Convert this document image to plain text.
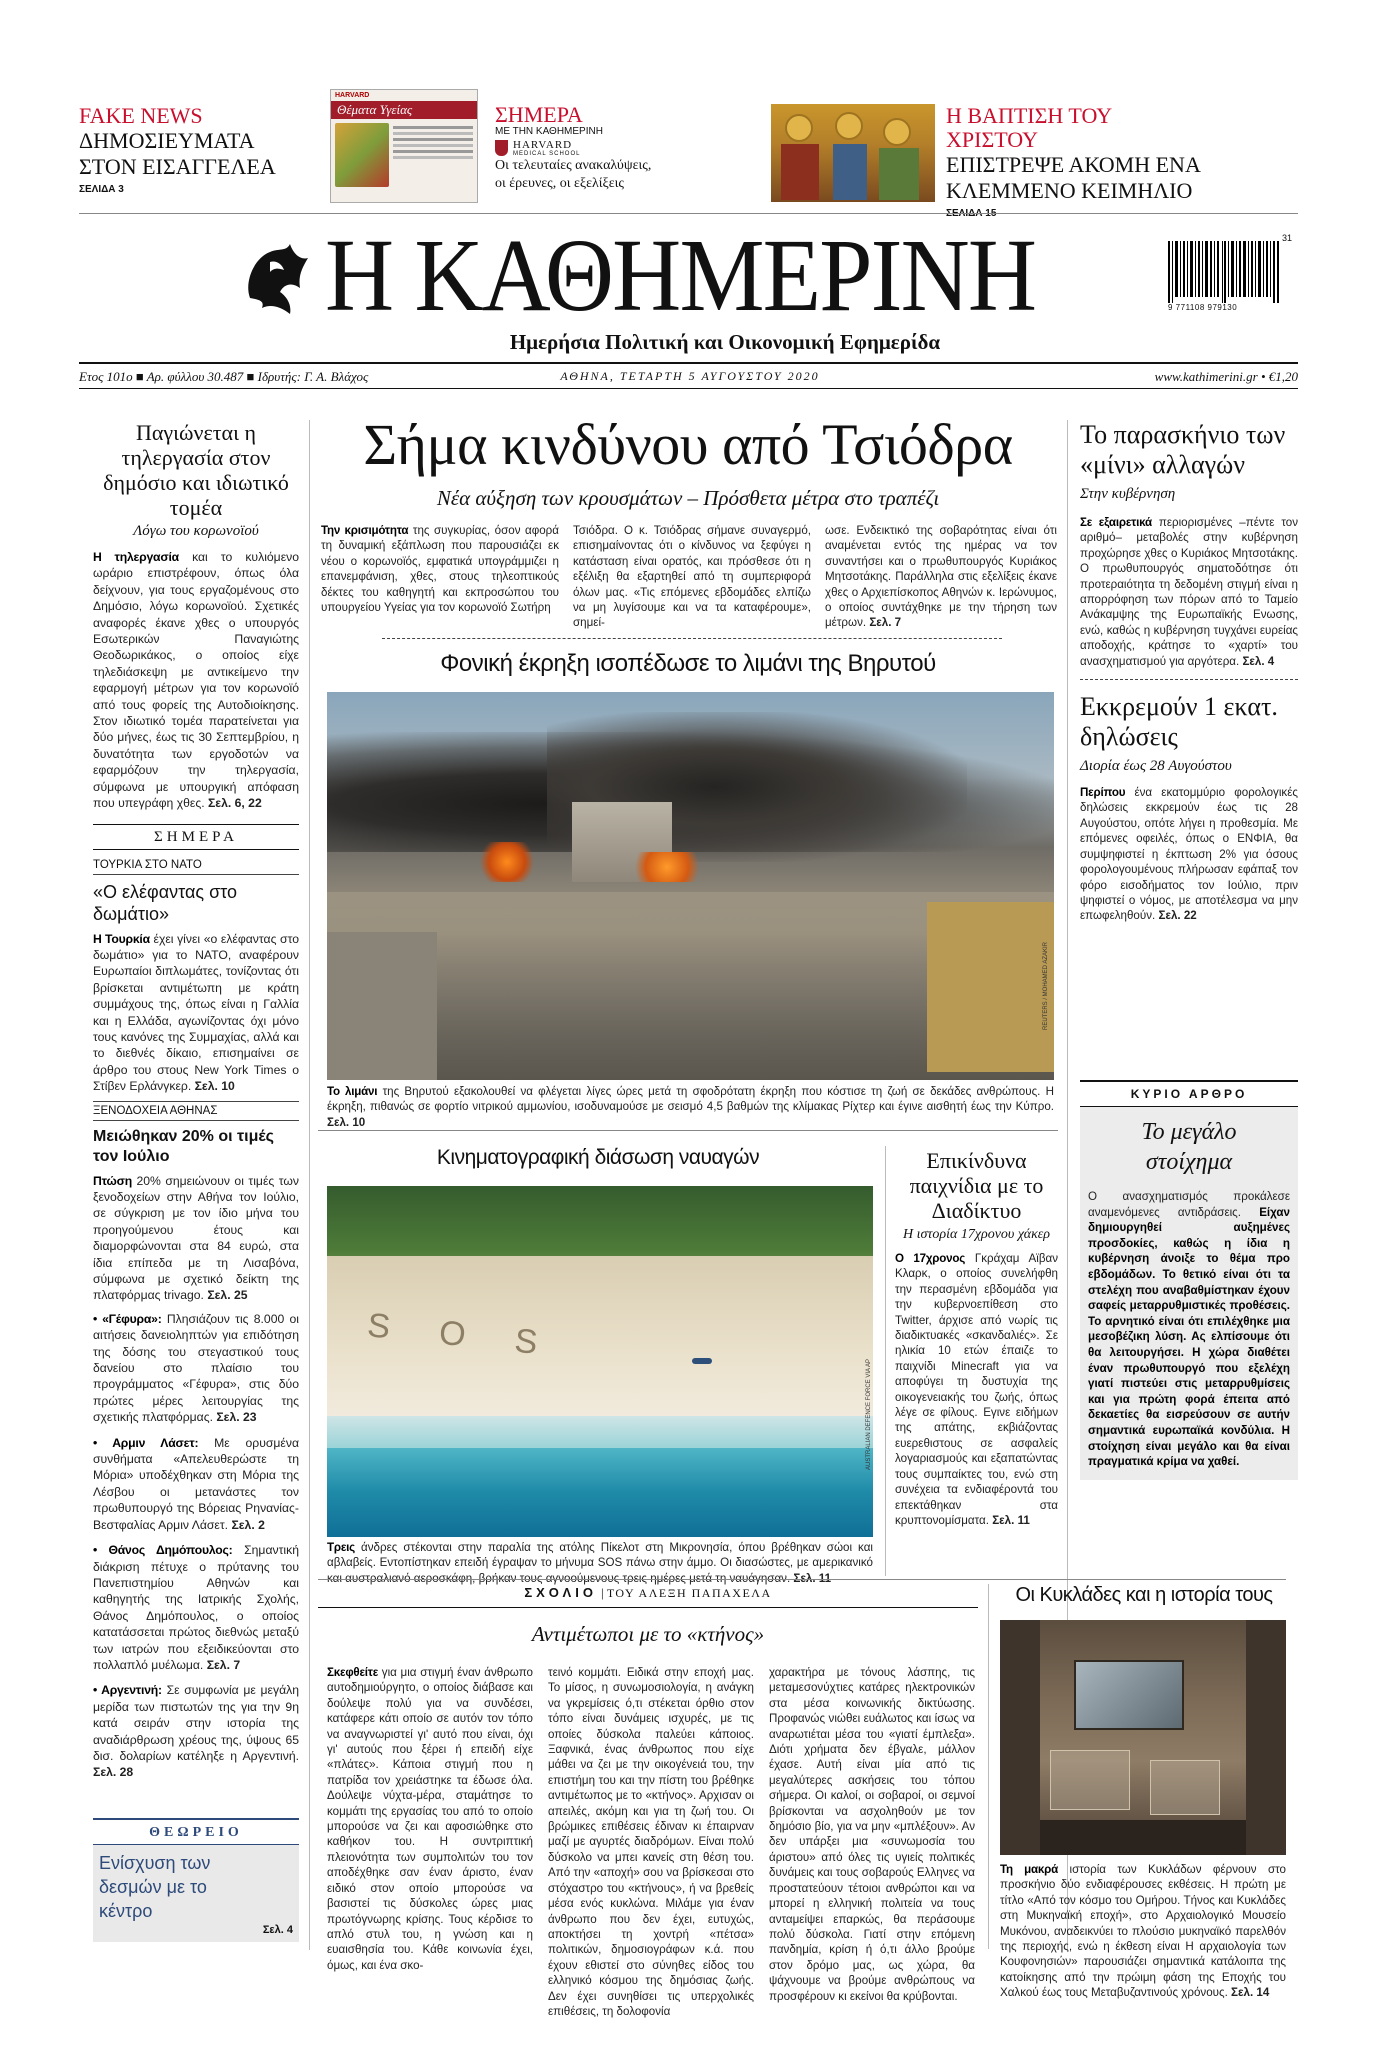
FAKE NEWS
ΔΗΜΟΣΙΕΥΜΑΤΑ
ΣΤΟΝ ΕΙΣΑΓΓΕΛΕΑ
ΣΕΛΙΔΑ 3
HARVARD
Θέματα Υγείας	ΣΗΜΕΡΑ
ΜΕ ΤΗΝ ΚΑΘΗΜΕΡΙΝΗ
HARVARD
MEDICAL SCHOOL
Οι τελευταίες ανακαλύψεις,
οι έρευνες, οι εξελίξεις
Η ΒΑΠΤΙΣΗ ΤΟΥ ΧΡΙΣΤΟΥ
ΕΠΙΣΤΡΕΨΕ ΑΚΟΜΗ ΕΝΑ
ΚΛΕΜΜΕΝΟ ΚΕΙΜΗΛΙΟ
Η ΚΑΘΗΜΕΡΙΝΗ
Ημερήσια Πολιτική και Οικονομική Εφημερίδα
31
9 771108 979130
Ετος 101ο ■ Αρ. φύλλου 30.487 ■ Ιδρυτής: Γ. Α. Βλάχος	ΑΘΗΝΑ, ΤΕΤΑΡΤΗ 5 ΑΥΓΟΥΣΤΟΥ 2020	www.kathimerini.gr • €1,20
Παγιώνεται η τηλεργασία στον δημόσιο και ιδιωτικό τομέα
Λόγω του κορωνοϊού
Η τηλεργασία και το κυλιόμενο ωράριο επιστρέφουν, όπως όλα δείχνουν, για τους εργαζομένους στο Δημόσιο, λόγω κορωνοϊού. Σχετικές αναφορές έκανε χθες ο υπουργός Εσωτερικών Παναγιώτης Θεοδωρικάκος, ο οποίος είχε τηλεδιάσκεψη με αντικείμενο την εφαρμογή μέτρων για τον κορωνοϊό από τους φορείς της Αυτοδιοίκησης. Στον ιδιωτικό τομέα παρατείνεται για δύο μήνες, έως τις 30 Σεπτεμβρίου, η δυνατότητα των εργοδοτών να εφαρμόζουν την τηλεργασία, σύμφωνα με υπουργική απόφαση που υπεγράφη χθες. Σελ. 6, 22
ΣΗΜΕΡΑ
ΤΟΥΡΚΙΑ ΣΤΟ ΝΑΤΟ
«Ο ελέφαντας στο δωμάτιο»
Η Τουρκία έχει γίνει «ο ελέφαντας στο δωμάτιο» για το ΝΑΤΟ, αναφέρουν Ευρωπαίοι διπλωμάτες, τονίζοντας ότι βρίσκεται αντιμέτωπη με κράτη συμμάχους της, όπως είναι η Γαλλία και η Ελλάδα, αγωνίζοντας όχι μόνο τους κανόνες της Συμμαχίας, αλλά και το διεθνές δίκαιο, επισημαίνει σε άρθρο του στους New York Times ο Στίβεν Ερλάνγκερ. Σελ. 10
ΞΕΝΟΔΟΧΕΙΑ ΑΘΗΝΑΣ
Μειώθηκαν 20% οι τιμές τον Ιούλιο
Πτώση 20% σημειώνουν οι τιμές των ξενοδοχείων στην Αθήνα τον Ιούλιο, σε σύγκριση με τον ίδιο μήνα του προηγούμενου έτους και διαμορφώνονται στα 84 ευρώ, στα ίδια επίπεδα με τη Λισαβόνα, σύμφωνα με σχετικό δείκτη της πλατφόρμας trivago. Σελ. 25
• «Γέφυρα»: Πλησιάζουν τις 8.000 οι αιτήσεις δανειοληπτών για επιδότηση της δόσης του στεγαστικού τους δανείου στο πλαίσιο του προγράμματος «Γέφυρα», στις δύο πρώτες μέρες λειτουργίας της σχετικής πλατφόρμας. Σελ. 23
• Αρμιν Λάσετ: Με ορυσμένα συνθήματα «Απελευθερώστε τη Μόρια» υποδέχθηκαν στη Μόρια της Λέσβου οι μετανάστες τον πρωθυπουργό της Βόρειας Ρηνανίας-Βεστφαλίας Αρμιν Λάσετ. Σελ. 2
• Θάνος Δημόπουλος: Σημαντική διάκριση πέτυχε ο πρύτανης του Πανεπιστημίου Αθηνών και καθηγητής της Ιατρικής Σχολής, Θάνος Δημόπουλος, ο οποίος κατατάσσεται πρώτος διεθνώς μεταξύ των ιατρών που εξειδικεύονται στο πολλαπλό μυέλωμα. Σελ. 7
• Αργεντινή: Σε συμφωνία με μεγάλη μερίδα των πιστωτών της για την 9η κατά σειράν στην ιστορία της αναδιάρθρωση χρέους της, ύψους 65 δισ. δολαρίων κατέληξε η Αργεντινή. Σελ. 28
ΘΕΩΡΕΙΟ
Ενίσχυση των δεσμών με το κέντρο
Σελ. 4
Σήμα κινδύνου από Τσιόδρα
Νέα αύξηση των κρουσμάτων – Πρόσθετα μέτρα στο τραπέζι
Την κρισιμότητα της συγκυρίας, όσον αφορά τη δυναμική εξάπλωση που παρουσιάζει εκ νέου ο κορωνοϊός, εμφατικά υπογράμμιζει η επανεμφάνιση, χθες, στους τηλεοπτικούς δέκτες του καθηγητή και εκπροσώπου του υπουργείου Υγείας για τον κορωνοϊό Σωτήρη
Τσιόδρα. Ο κ. Τσιόδρας σήμανε συναγερμό, επισημαίνοντας ότι ο κίνδυνος να ξεφύγει η κατάσταση είναι ορατός, και πρόσθεσε ότι η εξέλιξη θα εξαρτηθεί από τη συμπεριφορά όλων μας. «Τις επόμενες εβδομάδες ελπίζω να μη λυγίσουμε και να τα καταφέρουμε», σημεί-
ωσε. Ενδεικτικό της σοβαρότητας είναι ότι αναμένεται εντός της ημέρας να τον συναντήσει και ο πρωθυπουργός Κυριάκος Μητσοτάκης. Παράλληλα στις εξελίξεις έκανε χθες ο Αρχιεπίσκοπος Αθηνών κ. Ιερώνυμος, ο οποίος συντάχθηκε με την τήρηση των μέτρων. Σελ. 7
Φονική έκρηξη ισοπέδωσε το λιμάνι της Βηρυτού
REUTERS / MOHAMED AZAKIR
Το λιμάνι της Βηρυτού εξακολουθεί να φλέγεται λίγες ώρες μετά τη σφοδρότατη έκρηξη που κόστισε τη ζωή σε δεκάδες ανθρώπους. Η έκρηξη, πιθανώς σε φορτίο νιτρικού αμμωνίου, ισοδυναμούσε με σεισμό 4,5 βαθμών της κλίμακας Ρίχτερ και έγινε αισθητή έως την Κύπρο. Σελ. 10
Κινηματογραφική διάσωση ναυαγών
S O S
AUSTRALIAN DEFENCE FORCE VIA AP
Τρεις άνδρες στέκονται στην παραλία της ατόλης Πίκελοτ στη Μικρονησία, όπου βρέθηκαν σώοι και αβλαβείς. Εντοπίστηκαν επειδή έγραψαν το μήνυμα SOS πάνω στην άμμο. Οι διασώστες, με αμερικανικό
Επικίνδυνα παιχνίδια με το Διαδίκτυο
Η ιστορία 17χρονου χάκερ
Ο 17χρονος Γκράχαμ Αϊβαν Κλαρκ, ο οποίος συνελήφθη την περασμένη εβδομάδα για την κυβερνοεπίθεση στο Twitter, άρχισε από νωρίς τις διαδικτυακές «σκανδαλιές». Σε ηλικία 10 ετών έπαιζε το παιχνίδι Minecraft για να αποφύγει τη δυστυχία της οικογενειακής του ζωής, όπως λέγε σε φίλους. Εγινε ειδήμων της απάτης, εκβιάζοντας ευερεθιστους σε ασφαλείς λογαριασμούς και εξαπατώντας τους συμπαίκτες του, ενώ στη συνέχεια τα ενδιαφέροντά του επεκτάθηκαν στα κρυπτονομίσματα. Σελ. 11
Το παρασκήνιο των «μίνι» αλλαγών
Στην κυβέρνηση
Σε εξαιρετικά περιορισμένες –πέντε τον αριθμό– μεταβολές στην κυβέρνηση προχώρησε χθες ο Κυριάκος Μητσοτάκης. Ο πρωθυπουργός σηματοδότησε ότι προτεραιότητα τη δεδομένη στιγμή είναι η απορρόφηση των πόρων από το Ταμείο Ανάκαμψης της Ευρωπαϊκής Ενωσης, ενώ, καθώς η κυβέρνηση τυγχάνει ευρείας αποδοχής, κράτησε το «χαρτί» του ανασχηματισμού για αργότερα. Σελ. 4
Εκκρεμούν 1 εκατ. δηλώσεις
Διορία έως 28 Αυγούστου
Περίπου ένα εκατομμύριο φορολογικές δηλώσεις εκκρεμούν έως τις 28 Αυγούστου, οπότε λήγει η προθεσμία. Με επόμενες οφειλές, όπως ο ΕΝΦΙΑ, θα συμψηφιστεί η έκπτωση 2% για όσους φορολογουμένους πλήρωσαν εφάπαξ τον φόρο εισοδήματος τον Ιούλιο, πριν ψηφιστεί ο νόμος, με αποτέλεσμα να μην επωφεληθούν. Σελ. 22
ΚΥΡΙΟ ΑΡΘΡΟ
Το μεγάλο στοίχημα
Ο ανασχηματισμός προκάλεσε αναμενόμενες αντιδράσεις. Είχαν δημιουργηθεί αυξημένες προσδοκίες, καθώς η ίδια η κυβέρνηση άνοιξε το θέμα προ εβδομάδων. Το θετικό είναι ότι τα στελέχη που αναβαθμίστηκαν έχουν σαφείς μεταρρυθμιστικές προθέσεις. Το αρνητικό είναι ότι επιλέχθηκε μια μεσοβέζικη λύση. Ας ελπίσουμε ότι θα λειτουργήσει. Η χώρα διαθέτει έναν πρωθυπουργό που εξελέχη γιατί πιστεύει στις μεταρρυθμίσεις και για πρώτη φορά έπειτα από δεκαετίες θα εισρεύσουν σε αυτήν σημαντικά ευρωπαϊκά κονδύλια. Η στοίχηση είναι μεγάλο και θα είναι πραγματικά κρίμα να χαθεί.
ΣΧΟΛΙΟ | ΤΟΥ ΑΛΕΞΗ ΠΑΠΑΧΕΛΑ
Αντιμέτωποι με το «κτήνος»
Σκεφθείτε για μια στιγμή έναν άνθρωπο αυτοδημιούργητο, ο οποίος διάβασε και δούλεψε πολύ για να συνδέσει, κατάφερε κάτι οποίο σε αυτόν τον τόπο να αναγνωριστεί γι' αυτό που είναι, όχι γι' αυτούς που ξέρει ή επειδή είχε «πλάτες». Κάποια στιγμή που η πατρίδα τον χρειάστηκε τα έδωσε όλα. Δούλεψε νύχτα-μέρα, σταμάτησε το κομμάτι της εργασίας του από το οποίο μπορούσε να ζει και αφοσιώθηκε στο καθήκον του. Η συντριπτική πλειονότητα των συμπολιτών του τον αποδέχθηκε σαν έναν άριστο, έναν ειδικό στον οποίο μπορούσε να βασιστεί τις δύσκολες ώρες μιας πρωτόγνωρης κρίσης. Τους κέρδισε το απλό στυλ του, η γνώση και η ευαισθησία του. Κάθε κοινωνία έχει, όμως, και ένα σκο-
τεινό κομμάτι. Ειδικά στην εποχή μας. Το μίσος, η συνωμοσιολογία, η ανάγκη να γκρεμίσεις ό,τι στέκεται όρθιο στον τόπο είναι δυνάμεις ισχυρές, με τις οποίες δύσκολα παλεύει κάποιος. Ξαφνικά, ένας άνθρωπος που είχε μάθει να ζει με την οικογένειά του, την επιστήμη του και την πίστη του βρέθηκε αντιμέτωπος με το «κτήνος». Αρχισαν οι απειλές, ακόμη και για τη ζωή του. Οι βρώμικες επιθέσεις έδιναν κι έπαιρναν μαζί με αγυρτές διαδρόμων. Είναι πολύ δύσκολο να μπει κανείς στη θέση του. Από την «αποχή» σου να βρίσκεσαι στο στόχαστρο του «κτήνους», ή να βρεθείς μέσα ενός κυκλώνα. Μιλάμε για έναν άνθρωπο που δεν έχει, ευτυχώς, αποκτήσει τη χοντρή «πέτσα» πολιτικών, δημοσιογράφων κ.ά. που έχουν εθιστεί στο σύνηθες είδος του ελληνικό κόσμου της δημόσιας ζωής. Δεν έχει συνηθίσει τις υπερχολικές επιθέσεις, τη δολοφονία
χαρακτήρα με τόνους λάσπης, τις μεταμεσονύχτιες κατάρες ηλεκτρονικών στα μέσα κοινωνικής δικτύωσης. Προφανώς νιώθει ευάλωτος και ίσως να αναρωτιέται μέσα του «γιατί έμπλεξα». Διότι χρήματα δεν έβγαλε, μάλλον έχασε. Αυτή είναι μία από τις μεγαλύτερες ασκήσεις του τόπου σήμερα. Οι καλοί, οι σοβαροί, οι σεμνοί βρίσκονται να ασχοληθούν με τον δημόσιο βίο, για να μην «μπλέξουν». Αν δεν υπάρξει μια «συνωμοσία του άριστου» από όλες τις υγιείς πολιτικές δυνάμεις και τους σοβαρούς Ελληνες να προστατεύουν τέτοιοι ανθρώποι και να μπορεί η ελληνική πολιτεία να τους ανταμείψει επαρκώς, θα περάσουμε πολύ δύσκολα. Γιατί στην επόμενη πανδημία, κρίση ή ό,τι άλλο βρούμε στον δρόμο μας, ως χώρα, θα ψάχνουμε να βρούμε ανθρώπους να προσφέρουν κι εκείνοι θα κρύβονται.
Οι Κυκλάδες και η ιστορία τους
Τη μακρά ιστορία των Κυκλάδων φέρνουν στο προσκήνιο δύο ενδιαφέρουσες εκθέσεις. Η πρώτη με τίτλο «Από τον κόσμο του Ομήρου. Τήνος και Κυκλάδες στη Μυκηναϊκή εποχή», στο Αρχαιολογικό Μουσείο Μυκόνου, αναδεικνύει το πλούσιο μυκηναϊκό παρελθόν της περιοχής, ενώ η έκθεση είναι Η αρχαιολογία των Κουφονησιών» παρουσιάζει σημαντικά κατάλοιπα της κατοίκησης από την πρώιμη φάση της Εποχής του Χαλκού έως τους Μεταβυζαντινούς χρόνους. Σελ. 14
